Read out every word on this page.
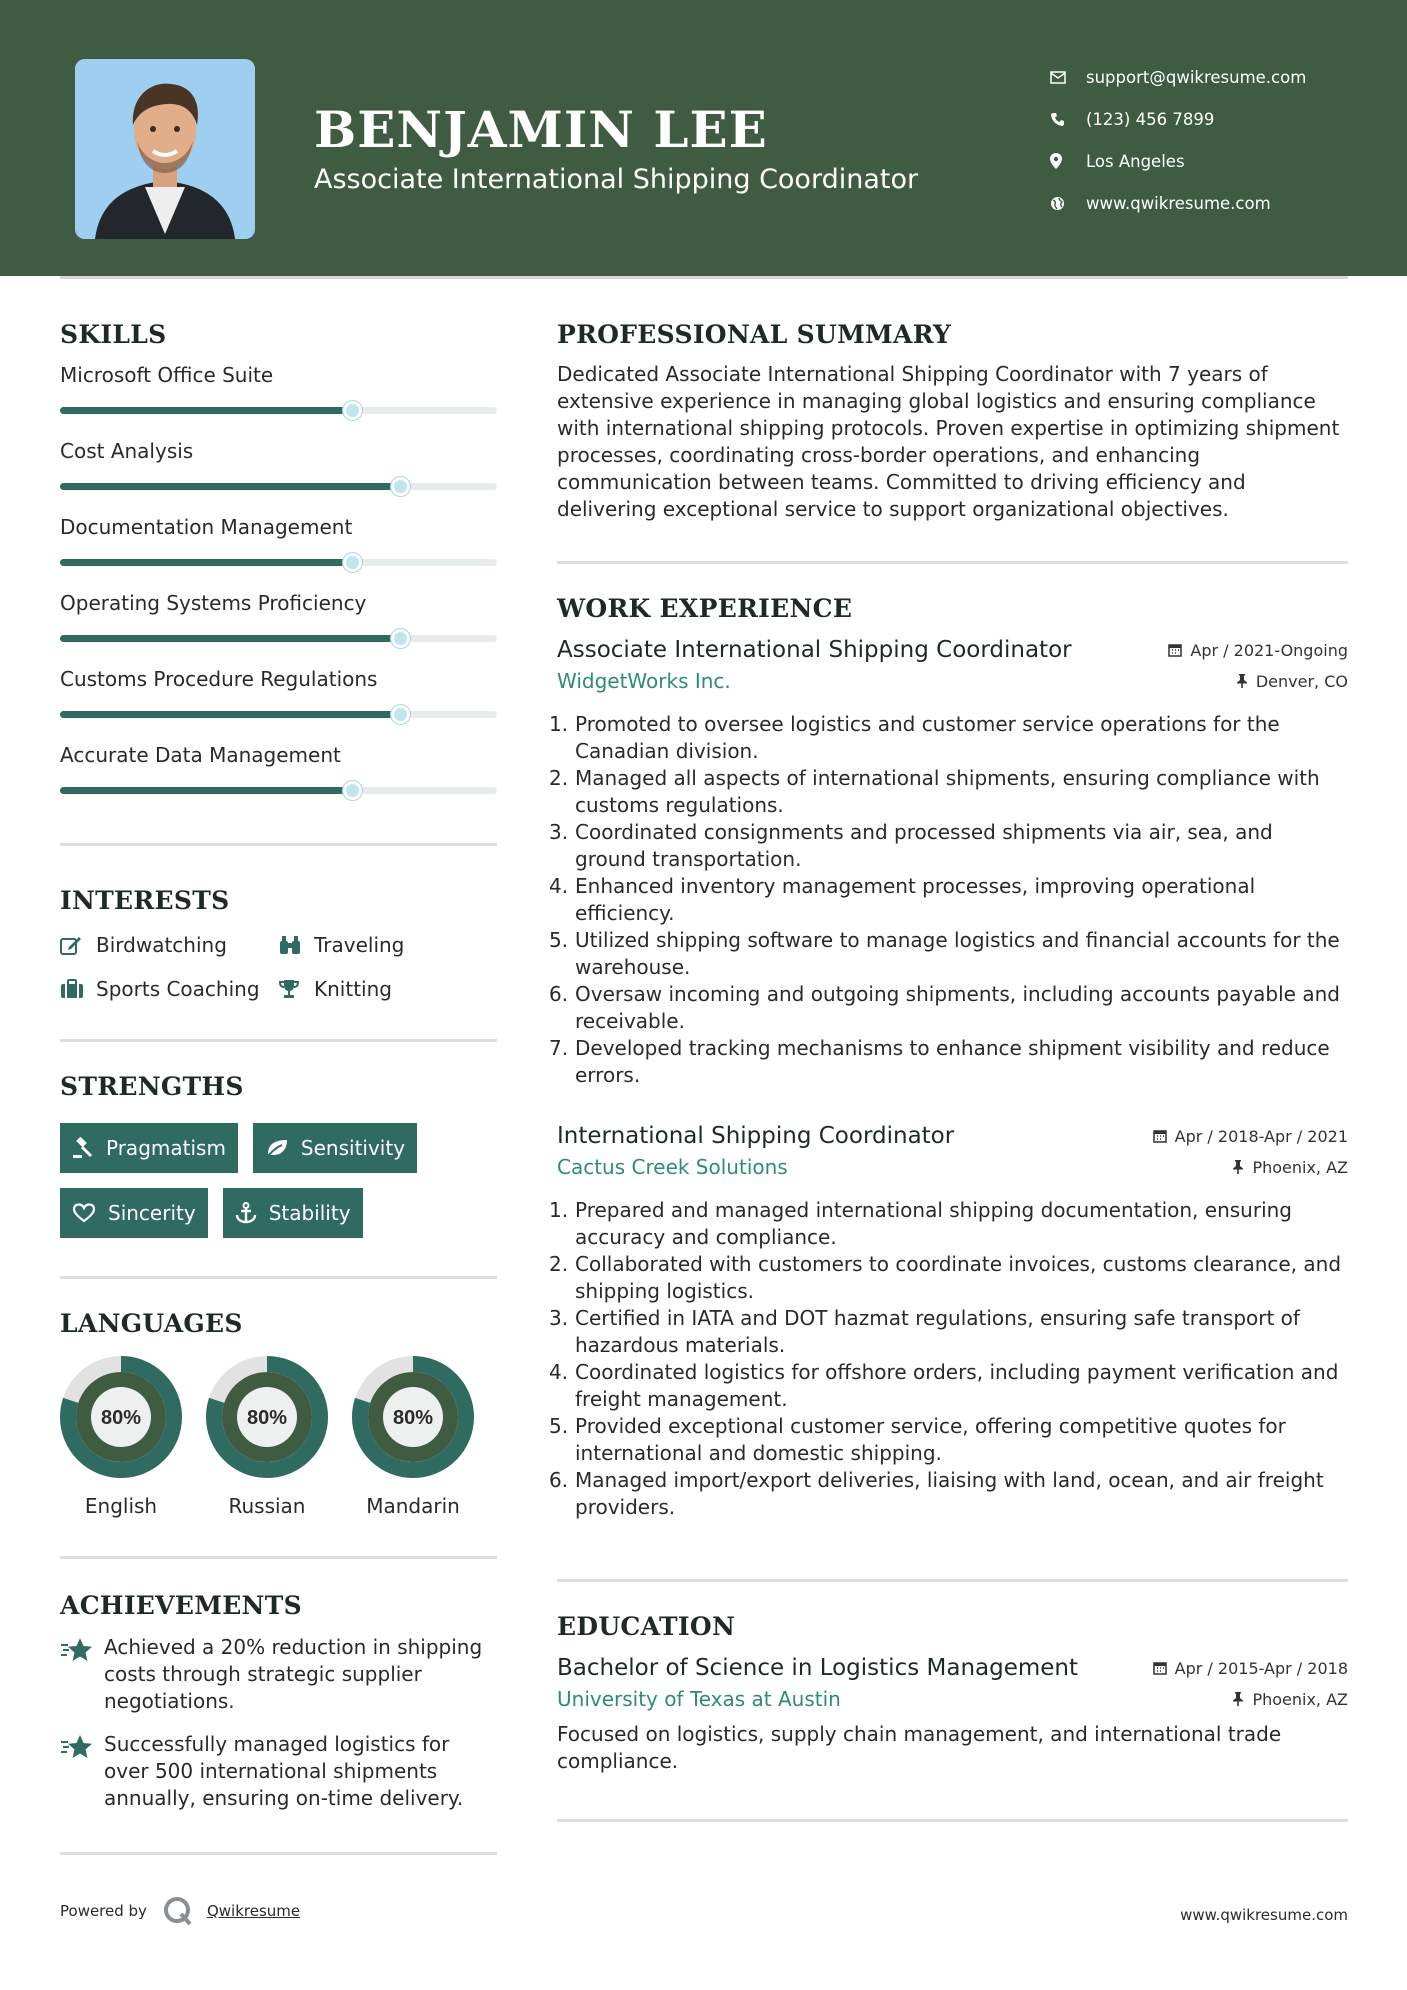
BENJAMIN LEE
Associate International Shipping Coordinator
support@qwikresume.com
(123) 456 7899
Los Angeles
www.qwikresume.com
SKILLS
Microsoft Office Suite
Cost Analysis
Documentation Management
Operating Systems Proficiency
Customs Procedure Regulations
Accurate Data Management
INTERESTS
Birdwatching	Traveling
Sports Coaching	Knitting
STRENGTHS
Pragmatism	Sensitivity
Sincerity	Stability
LANGUAGES
80%
English
80%
Russian
80%
Mandarin
ACHIEVEMENTS
Achieved a 20% reduction in shipping costs through strategic supplier negotiations.
Successfully managed logistics for over 500 international shipments annually, ensuring on-time delivery.
PROFESSIONAL SUMMARY
Dedicated Associate International Shipping Coordinator with 7 years of extensive experience in managing global logistics and ensuring compliance with international shipping protocols. Proven expertise in optimizing shipment processes, coordinating cross-border operations, and enhancing communication between teams. Committed to driving efficiency and delivering exceptional service to support organizational objectives.
WORK EXPERIENCE
Associate International Shipping Coordinator	Apr / 2021-Ongoing
WidgetWorks Inc.	Denver, CO
1. Promoted to oversee logistics and customer service operations for the Canadian division.
2. Managed all aspects of international shipments, ensuring compliance with customs regulations.
3. Coordinated consignments and processed shipments via air, sea, and ground transportation.
4. Enhanced inventory management processes, improving operational efficiency.
5. Utilized shipping software to manage logistics and financial accounts for the warehouse.
6. Oversaw incoming and outgoing shipments, including accounts payable and receivable.
7. Developed tracking mechanisms to enhance shipment visibility and reduce errors.
International Shipping Coordinator	Apr / 2018-Apr / 2021
Cactus Creek Solutions	Phoenix, AZ
1. Prepared and managed international shipping documentation, ensuring accuracy and compliance.
2. Collaborated with customers to coordinate invoices, customs clearance, and shipping logistics.
3. Certified in IATA and DOT hazmat regulations, ensuring safe transport of hazardous materials.
4. Coordinated logistics for offshore orders, including payment verification and freight management.
5. Provided exceptional customer service, offering competitive quotes for international and domestic shipping.
6. Managed import/export deliveries, liaising with land, ocean, and air freight providers.
EDUCATION
Bachelor of Science in Logistics Management	Apr / 2015-Apr / 2018
University of Texas at Austin	Phoenix, AZ
Focused on logistics, supply chain management, and international trade compliance.
Powered by	Qwikresume	www.qwikresume.com
